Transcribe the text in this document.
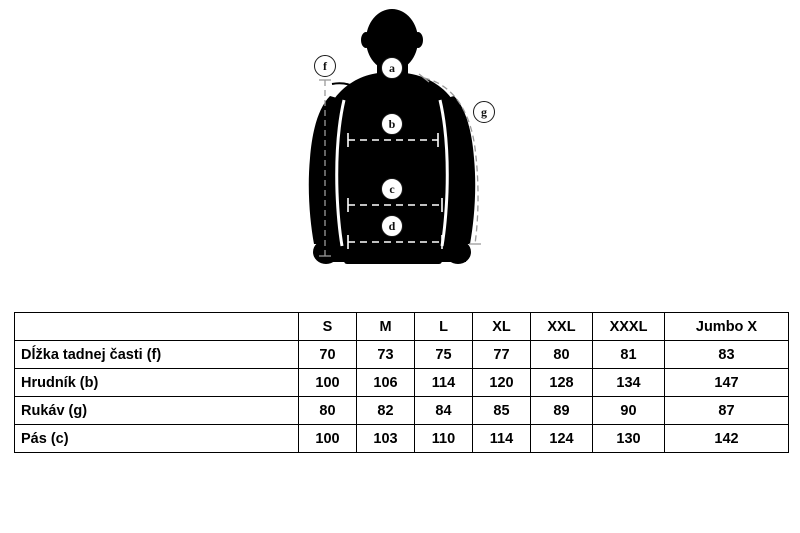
a
b
c
d
f
g
	S	M	L	XL	XXL	XXXL	Jumbo X
Dĺžka tadnej časti (f)	70	73	75	77	80	81	83
Hrudník (b)	100	106	114	120	128	134	147
Rukáv (g)	80	82	84	85	89	90	87
Pás (c)	100	103	110	114	124	130	142
